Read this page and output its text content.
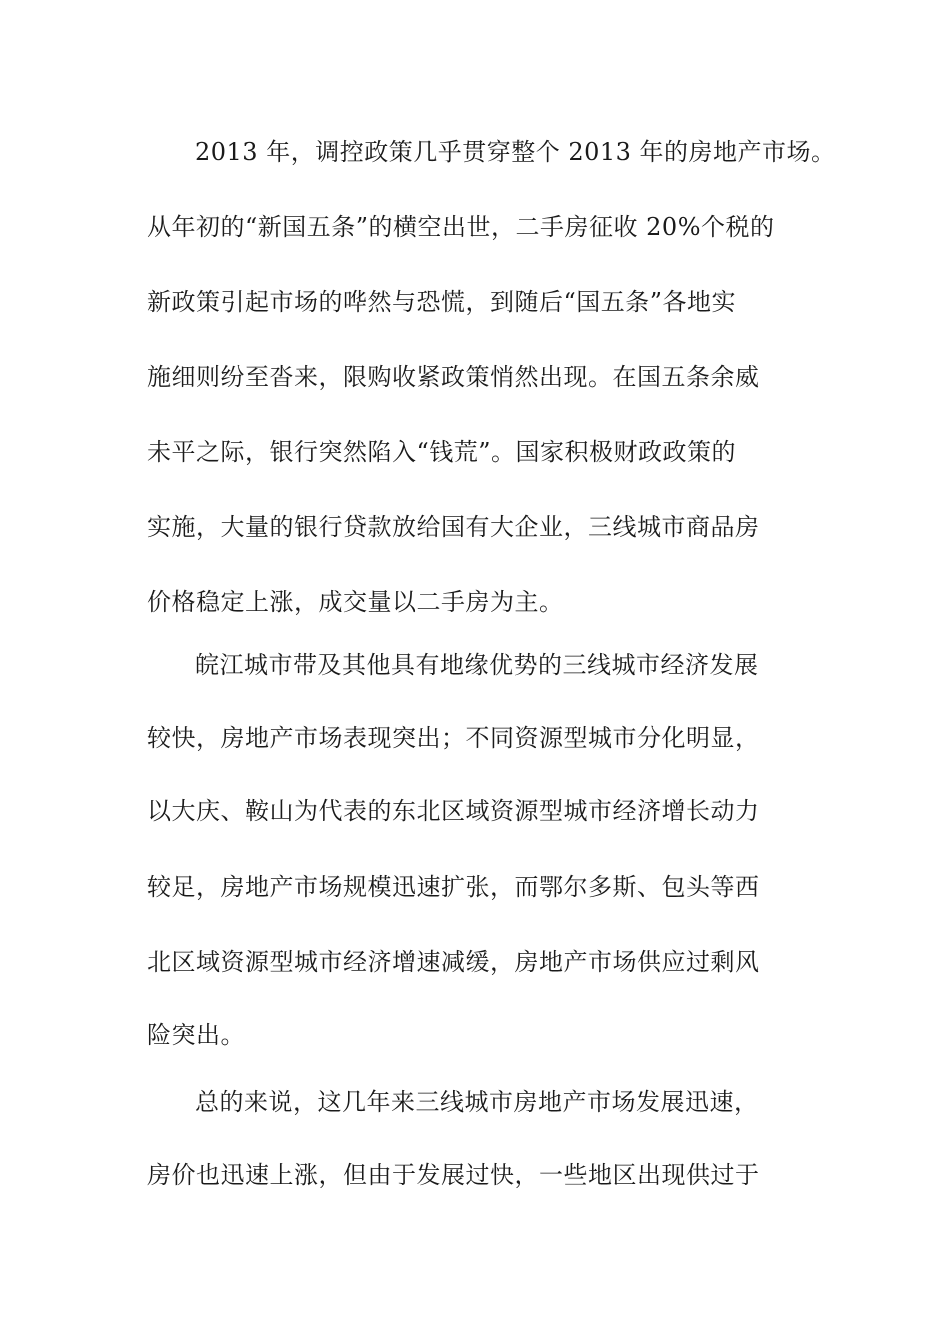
2013 年，调控政策几乎贯穿整个 2013 年的房地产市场。
从年初的“新国五条”的横空出世，二手房征收 20%个税的
新政策引起市场的哗然与恐慌，到随后“国五条”各地实
施细则纷至沓来，限购收紧政策悄然出现。在国五条余威
未平之际，银行突然陷入“钱荒”。国家积极财政政策的
实施，大量的银行贷款放给国有大企业，三线城市商品房
价格稳定上涨，成交量以二手房为主。
皖江城市带及其他具有地缘优势的三线城市经济发展
较快，房地产市场表现突出；不同资源型城市分化明显，
以大庆、鞍山为代表的东北区域资源型城市经济增长动力
较足，房地产市场规模迅速扩张，而鄂尔多斯、包头等西
北区域资源型城市经济增速减缓，房地产市场供应过剩风
险突出。
总的来说，这几年来三线城市房地产市场发展迅速，
房价也迅速上涨，但由于发展过快，一些地区出现供过于
